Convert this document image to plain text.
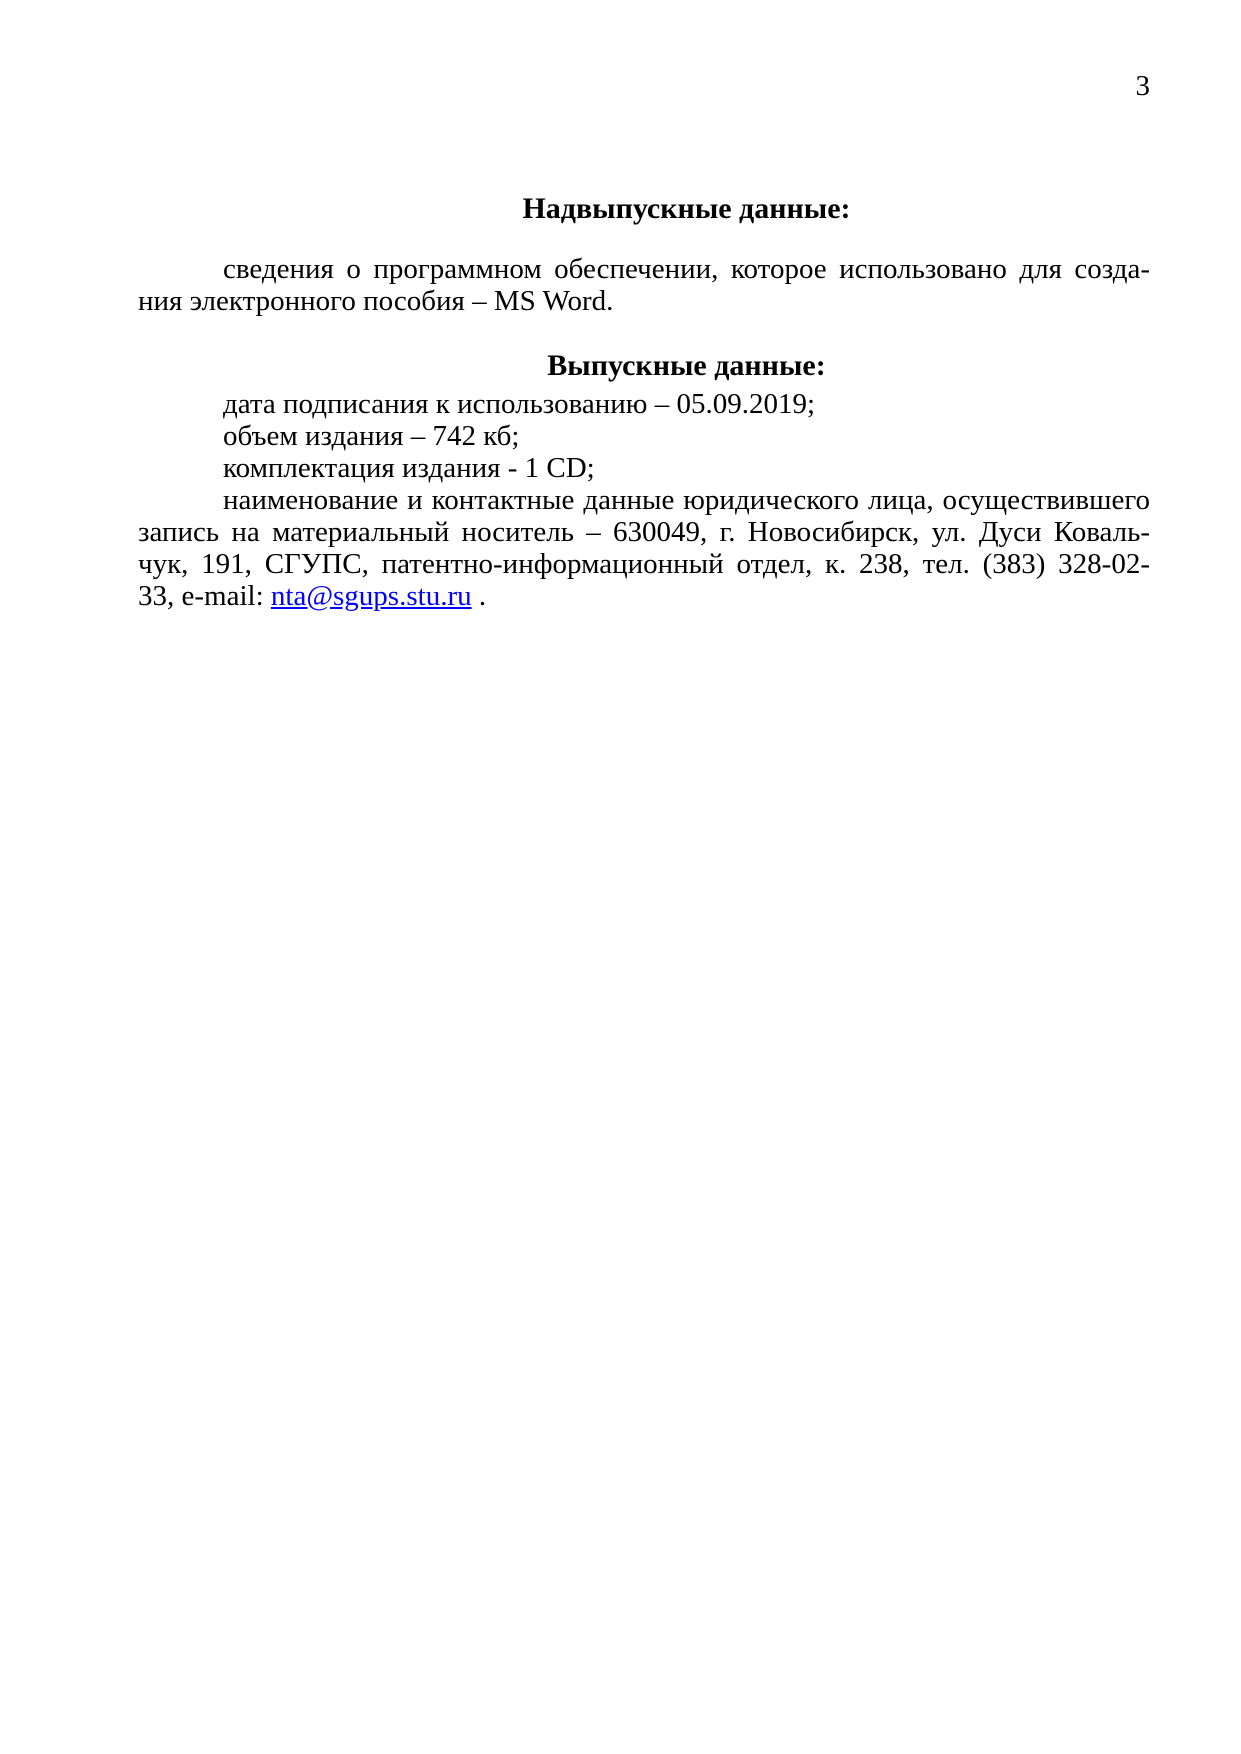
3
Надвыпускные данные:
сведения о программном обеспечении, которое использовано для созда-
ния электронного пособия – MS Word.
Выпускные данные:
дата подписания к использованию – 05.09.2019;
объем издания – 742 кб;
комплектация издания - 1 CD;
наименование и контактные данные юридического лица, осуществившего
запись на материальный носитель – 630049, г. Новосибирск, ул. Дуси Коваль-
чук, 191, СГУПС, патентно-информационный отдел, к. 238, тел. (383) 328-02-
33, e-mail: nta@sgups.stu.ru .
